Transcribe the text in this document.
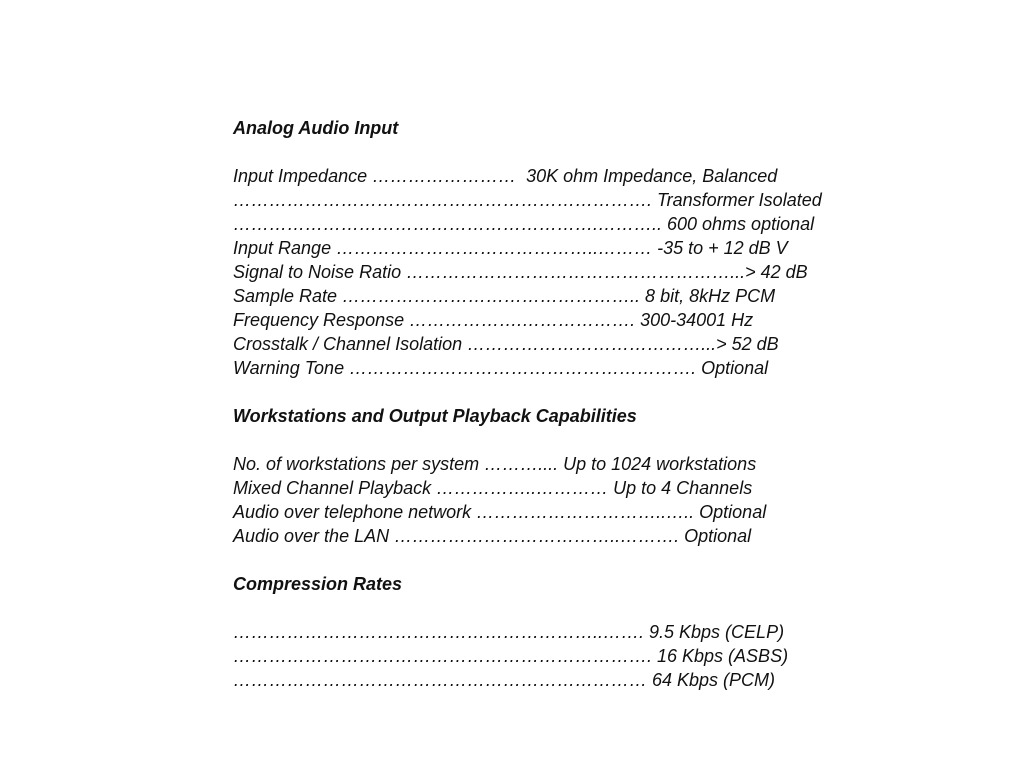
Analog Audio Input
Input Impedance ……………………  30K ohm Impedance, Balanced
……………………………………………………………. Transformer Isolated
…………………………………………………….……….. 600 ohms optional
Input Range ……………………………………..……… -35 to + 12 dB V
Signal to Noise Ratio ………………………………………………...> 42 dB
Sample Rate ………………………………………….. 8 bit, 8kHz PCM
Frequency Response ……………….………………. 300-34001 Hz
Crosstalk / Channel Isolation …………………………………...> 52 dB
Warning Tone …………………………………………………. Optional
Workstations and Output Playback Capabilities
No. of workstations per system ……….... Up to 1024 workstations
Mixed Channel Playback ……………..………… Up to 4 Channels
Audio over telephone network …………………………..….. Optional
Audio over the LAN ………………………………..………. Optional
Compression Rates
……………………………………………………..……. 9.5 Kbps (CELP)
……………………………………………………………. 16 Kbps (ASBS)
…………………………………………………………… 64 Kbps (PCM)
